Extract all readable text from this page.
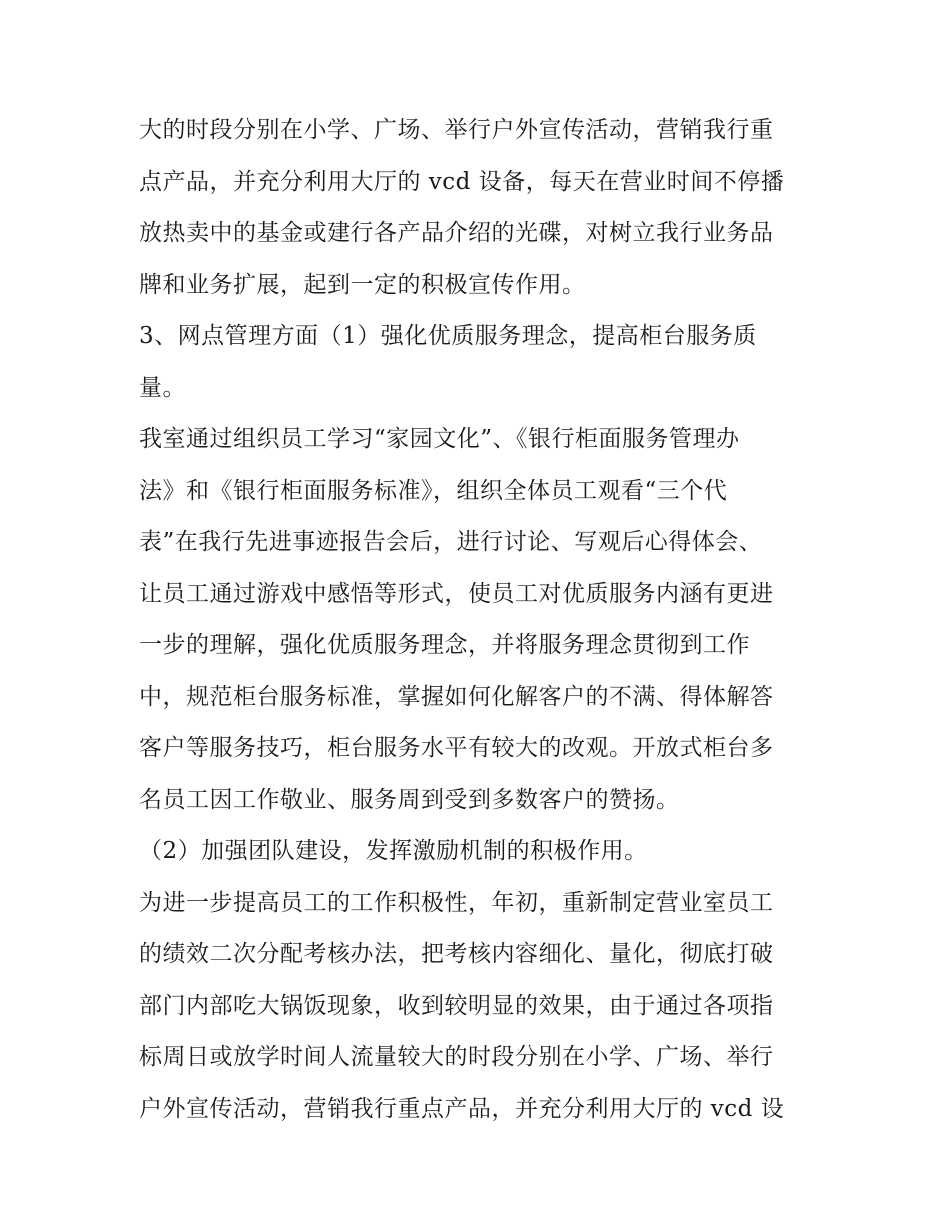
大的时段分别在小学、广场、举行户外宣传活动，营销我行重
点产品，并充分利用大厅的 vcd 设备，每天在营业时间不停播
放热卖中的基金或建行各产品介绍的光碟，对树立我行业务品
牌和业务扩展，起到一定的积极宣传作用。
3、网点管理方面（1）强化优质服务理念，提高柜台服务质
量。
我室通过组织员工学习“家园文化”、《银行柜面服务管理办
法》和《银行柜面服务标准》，组织全体员工观看“三个代
表”在我行先进事迹报告会后，进行讨论、写观后心得体会、
让员工通过游戏中感悟等形式，使员工对优质服务内涵有更进
一步的理解，强化优质服务理念，并将服务理念贯彻到工作
中，规范柜台服务标准，掌握如何化解客户的不满、得体解答
客户等服务技巧，柜台服务水平有较大的改观。开放式柜台多
名员工因工作敬业、服务周到受到多数客户的赞扬。
（2）加强团队建设，发挥激励机制的积极作用。
为进一步提高员工的工作积极性，年初，重新制定营业室员工
的绩效二次分配考核办法，把考核内容细化、量化，彻底打破
部门内部吃大锅饭现象，收到较明显的效果，由于通过各项指
标周日或放学时间人流量较大的时段分别在小学、广场、举行
户外宣传活动，营销我行重点产品，并充分利用大厅的 vcd 设
